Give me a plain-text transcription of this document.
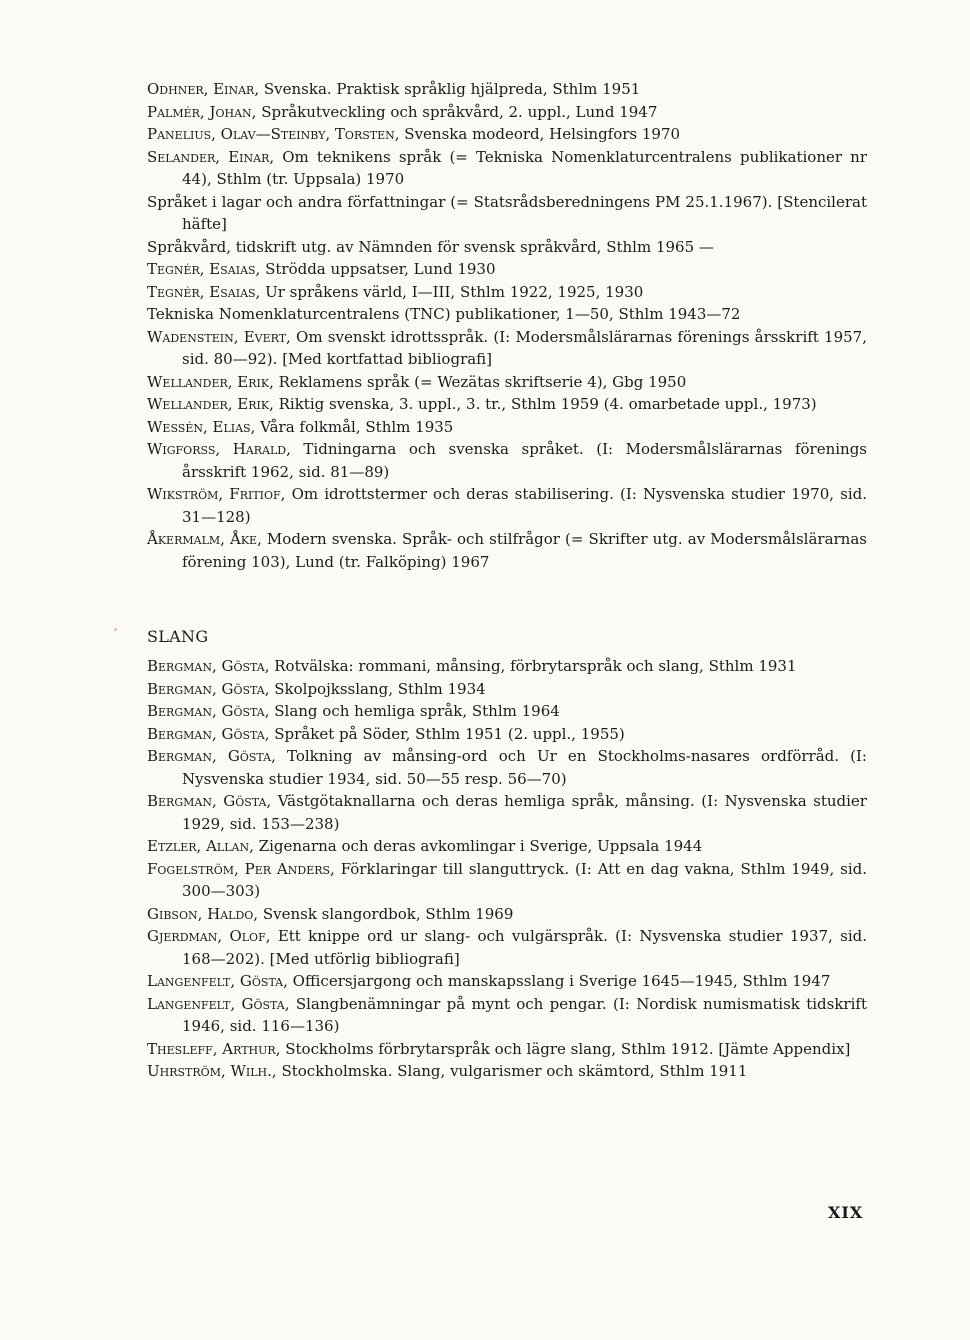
Odhner, Einar, Svenska. Praktisk språklig hjälpreda, Sthlm 1951
Palmér, Johan, Språkutveckling och språkvård, 2. uppl., Lund 1947
Panelius, Olav—Steinby, Torsten, Svenska modeord, Helsingfors 1970
Selander, Einar, Om teknikens språk (= Tekniska Nomenklaturcentralens publikationer nr 44), Sthlm (tr. Uppsala) 1970
Språket i lagar och andra författningar (= Statsrådsberedningens PM 25.1.1967). [Stencilerat häfte]
Språkvård, tidskrift utg. av Nämnden för svensk språkvård, Sthlm 1965 —
Tegnér, Esaias, Strödda uppsatser, Lund 1930
Tegnér, Esaias, Ur språkens värld, I—III, Sthlm 1922, 1925, 1930
Tekniska Nomenklaturcentralens (TNC) publikationer, 1—50, Sthlm 1943—72
Wadenstein, Evert, Om svenskt idrottsspråk. (I: Modersmålslärarnas förenings årsskrift 1957, sid. 80—92). [Med kortfattad bibliografi]
Wellander, Erik, Reklamens språk (= Wezätas skriftserie 4), Gbg 1950
Wellander, Erik, Riktig svenska, 3. uppl., 3. tr., Sthlm 1959 (4. omarbetade uppl., 1973)
Wessén, Elias, Våra folkmål, Sthlm 1935
Wigforss, Harald, Tidningarna och svenska språket. (I: Modersmålslärarnas förenings årsskrift 1962, sid. 81—89)
Wikström, Fritiof, Om idrottstermer och deras stabilisering. (I: Nysvenska studier 1970, sid. 31—128)
Åkermalm, Åke, Modern svenska. Språk- och stilfrågor (= Skrifter utg. av Modersmålslärarnas förening 103), Lund (tr. Falköping) 1967
SLANG
Bergman, Gösta, Rotvälska: rommani, månsing, förbrytarspråk och slang, Sthlm 1931
Bergman, Gösta, Skolpojksslang, Sthlm 1934
Bergman, Gösta, Slang och hemliga språk, Sthlm 1964
Bergman, Gösta, Språket på Söder, Sthlm 1951 (2. uppl., 1955)
Bergman, Gösta, Tolkning av månsing-ord och Ur en Stockholms-nasares ordförråd. (I: Nysvenska studier 1934, sid. 50—55 resp. 56—70)
Bergman, Gösta, Västgötaknallarna och deras hemliga språk, månsing. (I: Nysvenska studier 1929, sid. 153—238)
Etzler, Allan, Zigenarna och deras avkomlingar i Sverige, Uppsala 1944
Fogelström, Per Anders, Förklaringar till slanguttryck. (I: Att en dag vakna, Sthlm 1949, sid. 300—303)
Gibson, Haldo, Svensk slangordbok, Sthlm 1969
Gjerdman, Olof, Ett knippe ord ur slang- och vulgärspråk. (I: Nysvenska studier 1937, sid. 168—202). [Med utförlig bibliografi]
Langenfelt, Gösta, Officersjargong och manskapsslang i Sverige 1645—1945, Sthlm 1947
Langenfelt, Gösta, Slangbenämningar på mynt och pengar. (I: Nordisk numismatisk tidskrift 1946, sid. 116—136)
Thesleff, Arthur, Stockholms förbrytarspråk och lägre slang, Sthlm 1912. [Jämte Appendix]
Uhrström, Wilh., Stockholmska. Slang, vulgarismer och skämtord, Sthlm 1911
XIX
